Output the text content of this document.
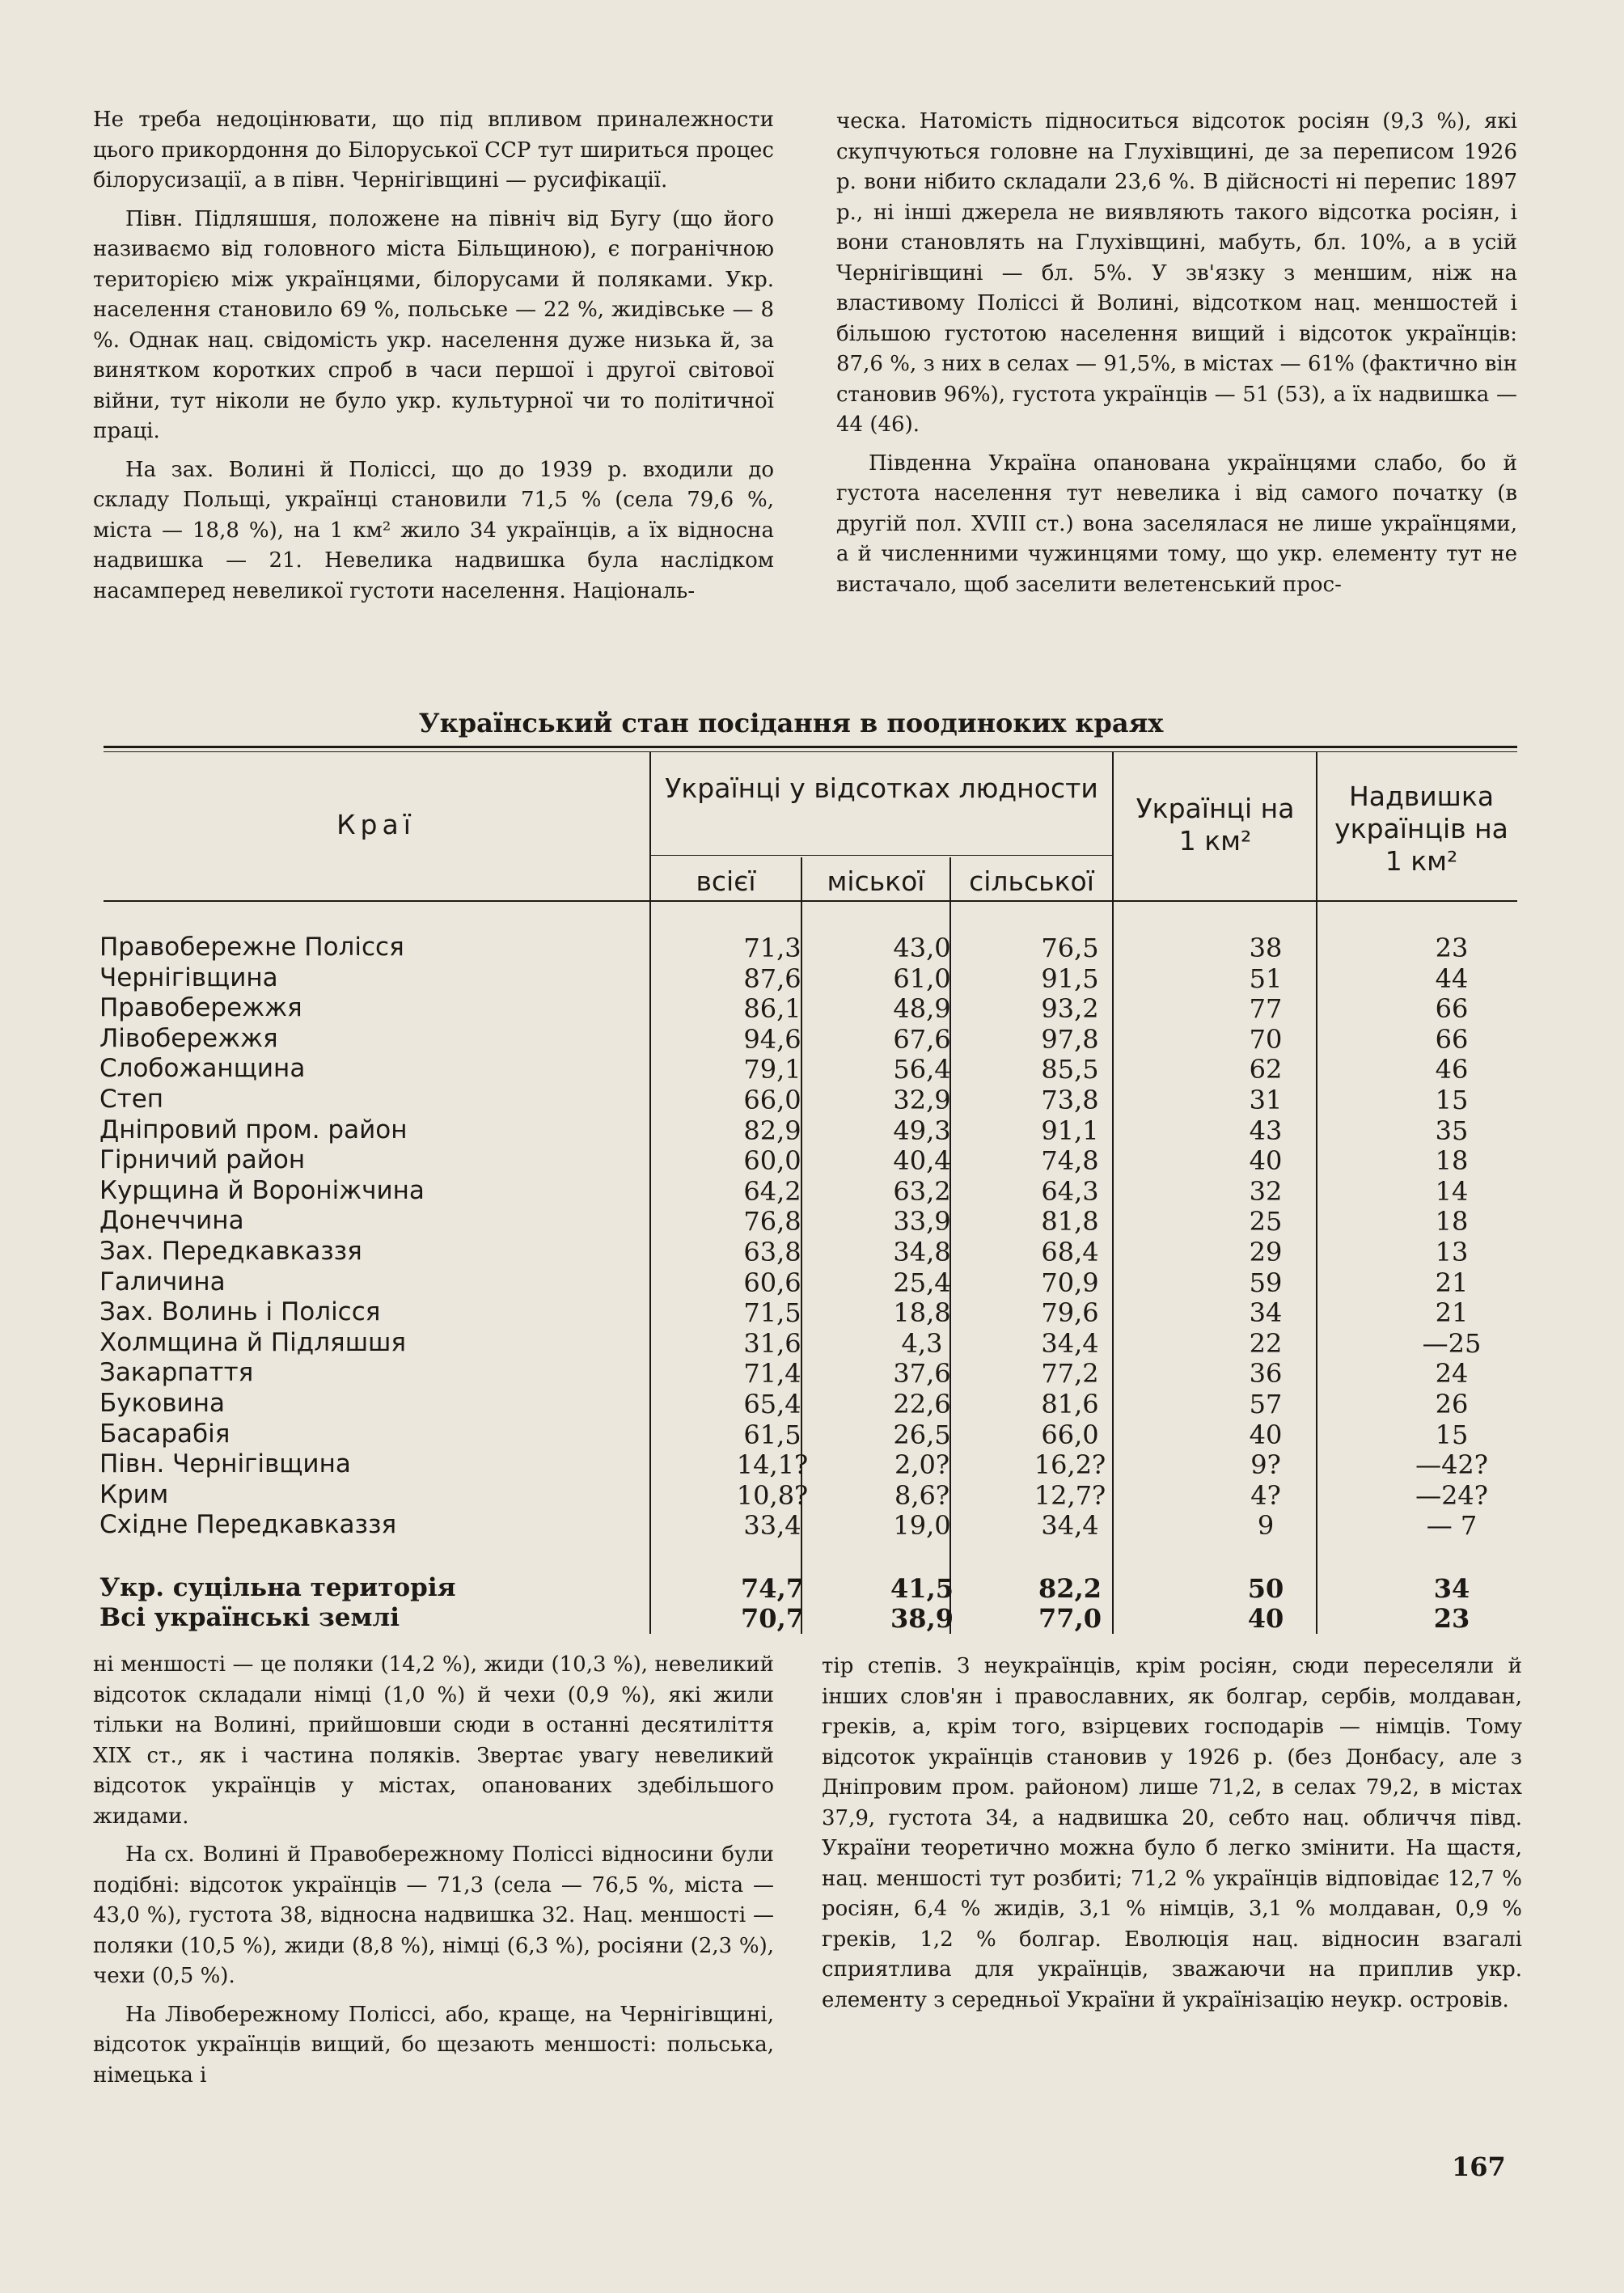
Не треба недоцінювати, що під впливом приналежности цього прикордоння до Білоруської ССР тут шириться процес білорусизації, а в півн. Чернігівщині — русифікації.

Півн. Підляшшя, положене на північ від Бугу (що його називаємо від головного міста Більщиною), є погранічною територією між українцями, білорусами й поляками. Укр. населення становило 69 %, польське — 22 %, жидівське — 8 %. Однак нац. свідомість укр. населення дуже низька й, за винятком коротких спроб в часи першої і другої світової війни, тут ніколи не було укр. культурної чи то політичної праці.

На зах. Волині й Поліссі, що до 1939 р. входили до складу Польщі, українці становили 71,5 % (села 79,6 %, міста — 18,8 %), на 1 км² жило 34 українців, а їх відносна надвишка — 21. Невелика надвишка була наслідком насамперед невеликої густоти населення. Національ-

ческа. Натомість підноситься відсоток росіян (9,3 %), які скупчуються головне на Глухівщині, де за переписом 1926 р. вони нібито складали 23,6 %. В дійсності ні перепис 1897 р., ні інші джерела не виявляють такого відсотка росіян, і вони становлять на Глухівщині, мабуть, бл. 10%, а в усій Чернігівщині — бл. 5%. У зв'язку з меншим, ніж на властивому Поліссі й Волині, відсотком нац. меншостей і більшою густотою населення вищий і відсоток українців: 87,6 %, з них в селах — 91,5%, в містах — 61% (фактично він становив 96%), густота українців — 51 (53), а їх надвишка — 44 (46).

Південна Україна опанована українцями слабо, бо й густота населення тут невелика і від самого початку (в другій пол. XVIII ст.) вона заселялася не лише українцями, а й численними чужинцями тому, що укр. елементу тут не вистачало, щоб заселити велетенський прос-

Український стан посідання в поодиноких краях
Краї
Українці у відсотках людности
всієї	міської	сільської
Українці на 1 км²
Надвишка українців на 1 км²
Правобережне Полісся	71,3	43,0	76,5	38	23
Чернігівщина	87,6	61,0	91,5	51	44
Правобережжя	86,1	48,9	93,2	77	66
Лівобережжя	94,6	67,6	97,8	70	66
Слобожанщина	79,1	56,4	85,5	62	46
Степ	66,0	32,9	73,8	31	15
Дніпровий пром. район	82,9	49,3	91,1	43	35
Гірничий район	60,0	40,4	74,8	40	18
Курщина й Вороніжчина	64,2	63,2	64,3	32	14
Донеччина	76,8	33,9	81,8	25	18
Зах. Передкавказзя	63,8	34,8	68,4	29	13
Галичина	60,6	25,4	70,9	59	21
Зах. Волинь і Полісся	71,5	18,8	79,6	34	21
Холмщина й Підляшшя	31,6	4,3	34,4	22	—25
Закарпаття	71,4	37,6	77,2	36	24
Буковина	65,4	22,6	81,6	57	26
Басарабія	61,5	26,5	66,0	40	15
Півн. Чернігівщина	14,1?	2,0?	16,2?	9?	—42?
Крим	10,8?	8,6?	12,7?	4?	—24?
Східне Передкавказзя	33,4	19,0	34,4	9	— 7
Укр. суцільна територія	74,7	41,5	82,2	50	34
Всі українські землі	70,7	38,9	77,0	40	23

ні меншості — це поляки (14,2 %), жиди (10,3 %), невеликий відсоток складали німці (1,0 %) й чехи (0,9 %), які жили тільки на Волині, прийшовши сюди в останні десятиліття XIX ст., як і частина поляків. Звертає увагу невеликий відсоток українців у містах, опанованих здебільшого жидами.

На сх. Волині й Правобережному Поліссі відносини були подібні: відсоток українців — 71,3 (села — 76,5 %, міста — 43,0 %), густота 38, відносна надвишка 32. Нац. меншості — поляки (10,5 %), жиди (8,8 %), німці (6,3 %), росіяни (2,3 %), чехи (0,5 %).

На Лівобережному Поліссі, або, краще, на Чернігівщині, відсоток українців вищий, бо щезають меншості: польська, німецька і

тір степів. З неукраїнців, крім росіян, сюди переселяли й інших слов'ян і православних, як болгар, сербів, молдаван, греків, а, крім того, взірцевих господарів — німців. Тому відсоток українців становив у 1926 р. (без Донбасу, але з Дніпровим пром. районом) лише 71,2, в селах 79,2, в містах 37,9, густота 34, а надвишка 20, себто нац. обличчя півд. України теоретично можна було б легко змінити. На щастя, нац. меншості тут розбиті; 71,2 % українців відповідає 12,7 % росіян, 6,4 % жидів, 3,1 % німців, 3,1 % молдаван, 0,9 % греків, 1,2 % болгар. Еволюція нац. відносин взагалі сприятлива для українців, зважаючи на приплив укр. елементу з середньої України й українізацію неукр. островів.

167
